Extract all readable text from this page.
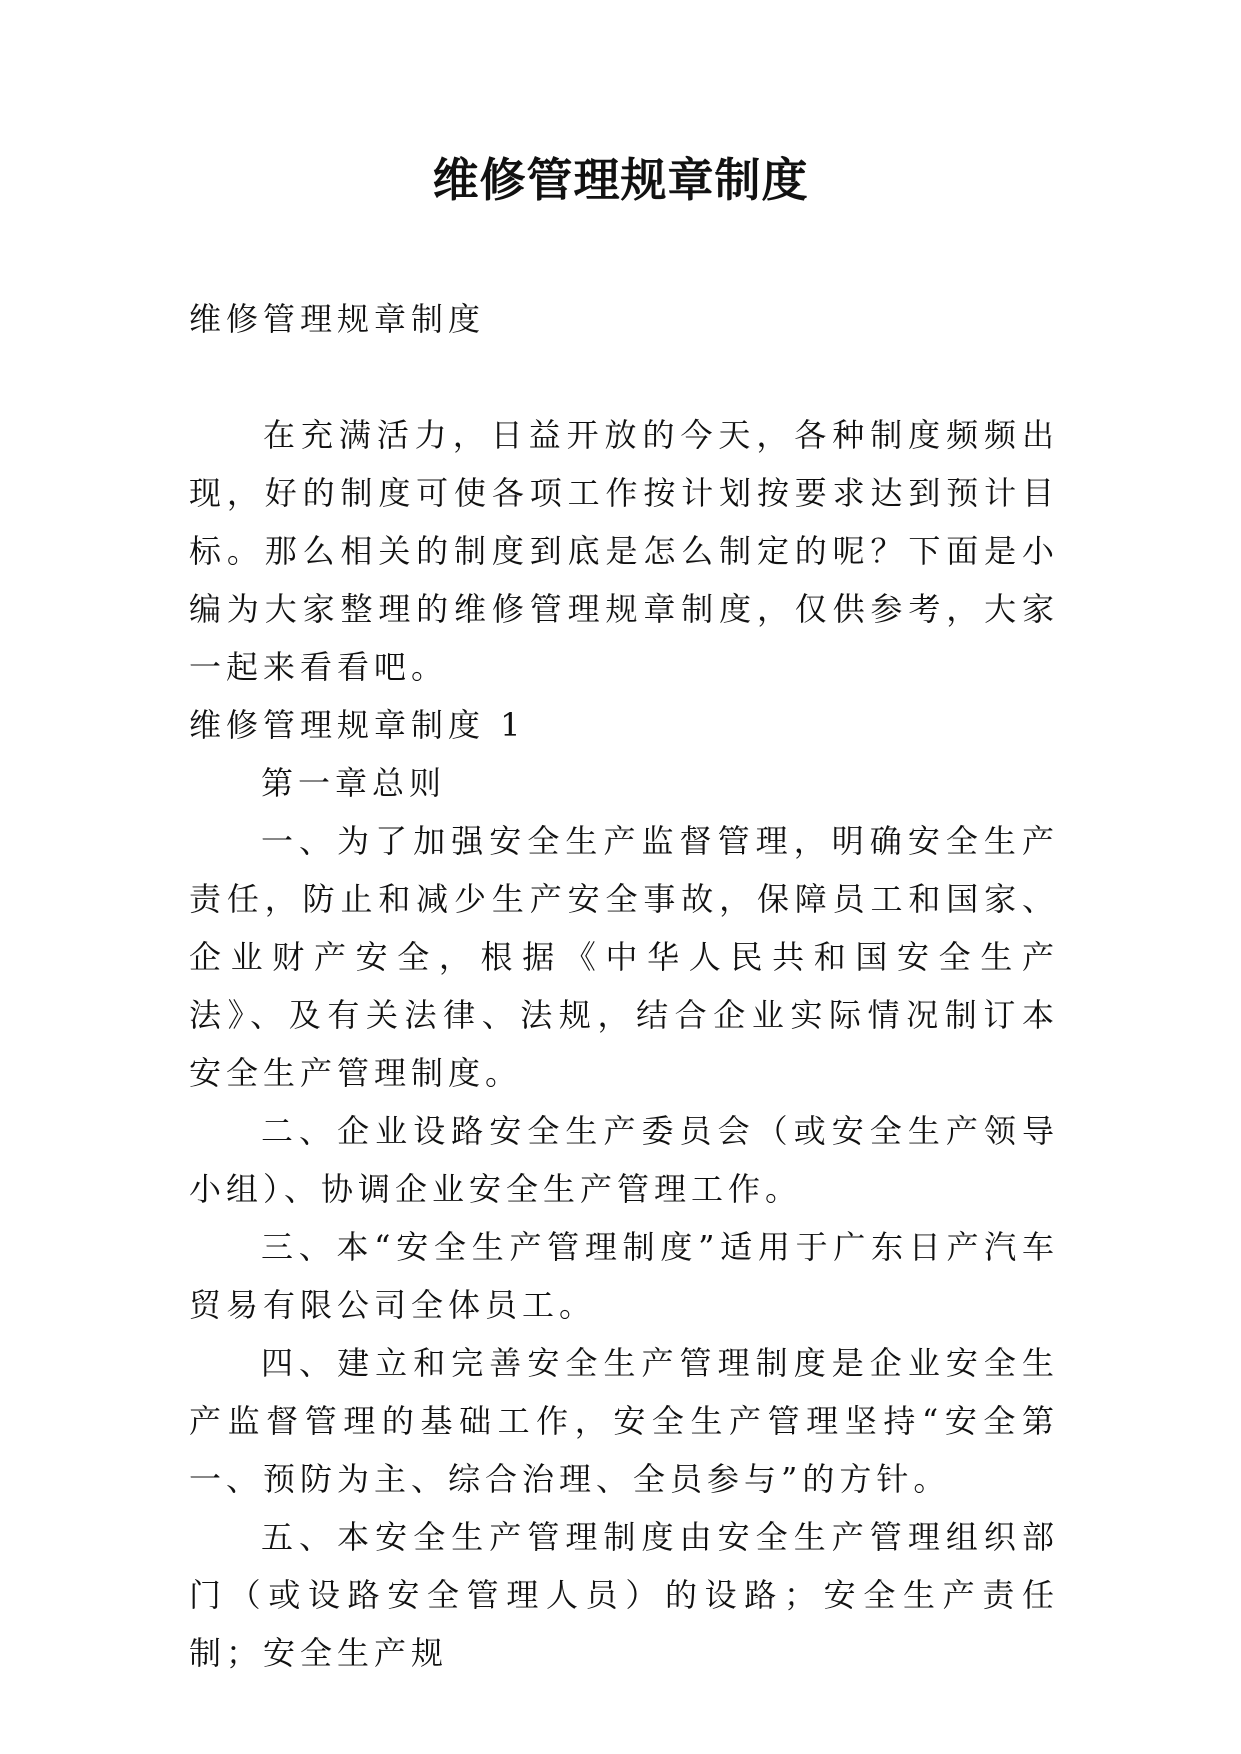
维修管理规章制度

维修管理规章制度

在充满活力，日益开放的今天，各种制度频频出现，好的制度可使各项工作按计划按要求达到预计目标。那么相关的制度到底是怎么制定的呢？下面是小编为大家整理的维修管理规章制度，仅供参考，大家一起来看看吧。

维修管理规章制度 1

第一章总则

一、为了加强安全生产监督管理，明确安全生产责任，防止和减少生产安全事故，保障员工和国家、企业财产安全，根据《中华人民共和国安全生产法》、及有关法律、法规，结合企业实际情况制订本安全生产管理制度。

二、企业设路安全生产委员会（或安全生产领导小组）、协调企业安全生产管理工作。

三、本“安全生产管理制度”适用于广东日产汽车贸易有限公司全体员工。

四、建立和完善安全生产管理制度是企业安全生产监督管理的基础工作，安全生产管理坚持“安全第一、预防为主、综合治理、全员参与”的方针。

五、本安全生产管理制度由安全生产管理组织部门（或设路安全管理人员）的设路；安全生产责任制；安全生产规
